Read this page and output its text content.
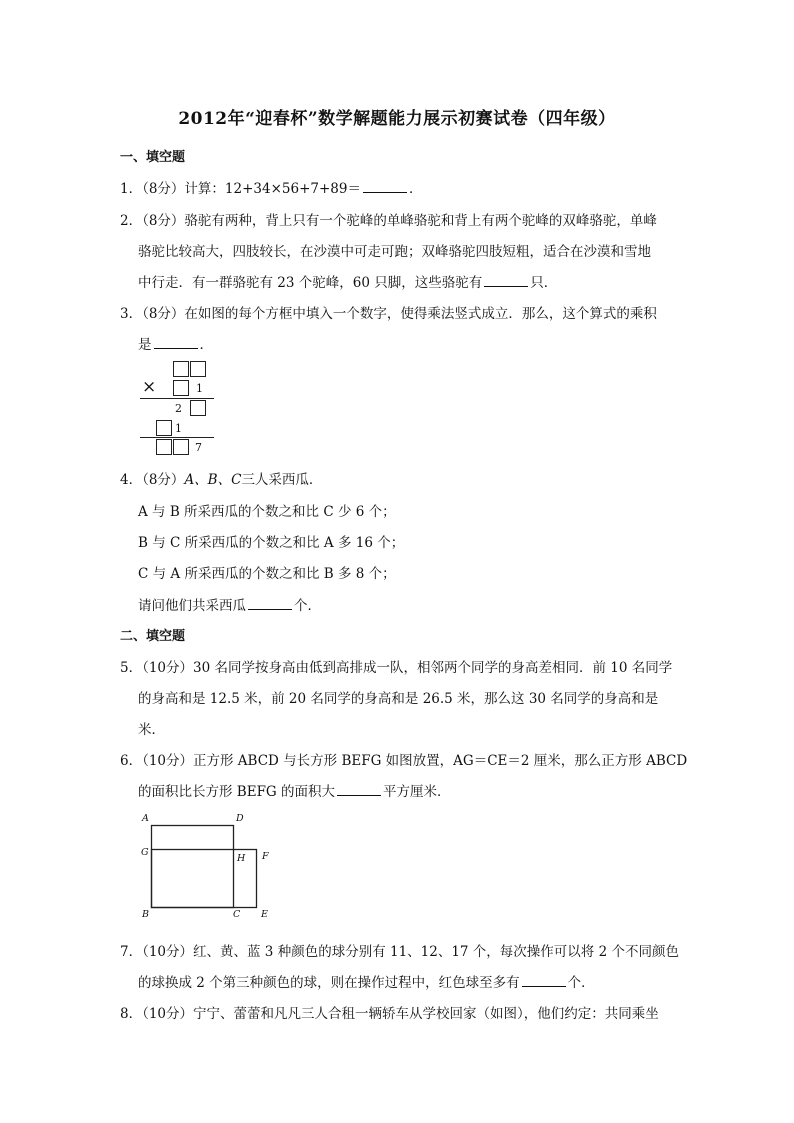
2012年“迎春杯”数学解题能力展示初赛试卷（四年级）
一、填空题
1．（8分）计算：12+34×56+7+89＝	．
2．（8分）骆驼有两种，背上只有一个驼峰的单峰骆驼和背上有两个驼峰的双峰骆驼，单峰
骆驼比较高大，四肢较长，在沙漠中可走可跑；双峰骆驼四肢短粗，适合在沙漠和雪地
中行走．有一群骆驼有 23 个驼峰，60 只脚，这些骆驼有	只．
3．（8分）在如图的每个方框中填入一个数字，使得乘法竖式成立．那么，这个算式的乘积
是	．
×	1
2
1
7
4．（8分）A、B、C三人采西瓜．
A 与 B 所采西瓜的个数之和比 C 少 6 个；
B 与 C 所采西瓜的个数之和比 A 多 16 个；
C 与 A 所采西瓜的个数之和比 B 多 8 个；
请问他们共采西瓜	个．
二、填空题
5．（10分）30 名同学按身高由低到高排成一队，相邻两个同学的身高差相同．前 10 名同学
的身高和是 12.5 米，前 20 名同学的身高和是 26.5 米，那么这 30 名同学的身高和是
米．
6．（10分）正方形 ABCD 与长方形 BEFG 如图放置，AG＝CE＝2 厘米，那么正方形 ABCD
的面积比长方形 BEFG 的面积大	平方厘米．
A	D
G
H F
B	C E
7．（10分）红、黄、蓝 3 种颜色的球分别有 11、12、17 个，每次操作可以将 2 个不同颜色
的球换成 2 个第三种颜色的球，则在操作过程中，红色球至多有	个．
8．（10分）宁宁、蕾蕾和凡凡三人合租一辆轿车从学校回家（如图），他们约定：共同乘坐
